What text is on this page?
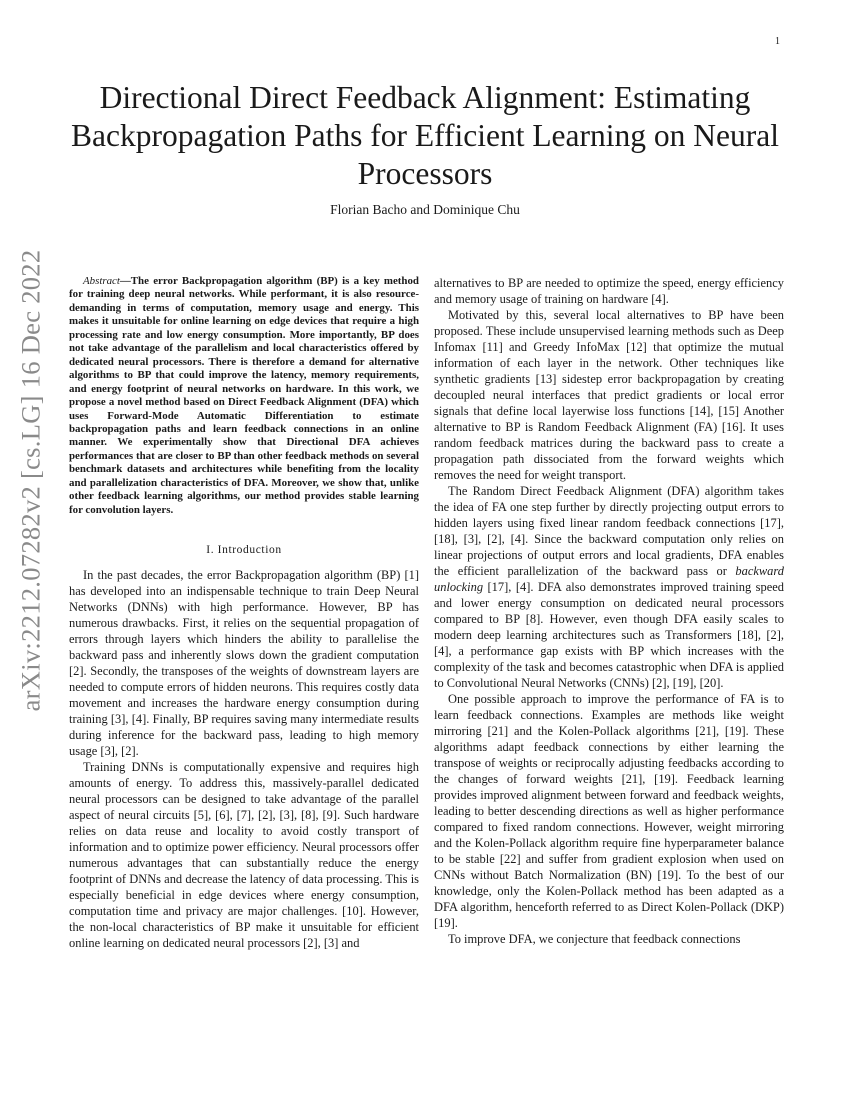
1
arXiv:2212.07282v2 [cs.LG] 16 Dec 2022
Directional Direct Feedback Alignment: Estimating Backpropagation Paths for Efficient Learning on Neural Processors
Florian Bacho and Dominique Chu

Abstract—The error Backpropagation algorithm (BP) is a key method for training deep neural networks. While performant, it is also resource-demanding in terms of computation, memory usage and energy. This makes it unsuitable for online learning on edge devices that require a high processing rate and low energy consumption. More importantly, BP does not take advantage of the parallelism and local characteristics offered by dedicated neural processors. There is therefore a demand for alternative algorithms to BP that could improve the latency, memory requirements, and energy footprint of neural networks on hardware. In this work, we propose a novel method based on Direct Feedback Alignment (DFA) which uses Forward-Mode Automatic Differentiation to estimate backpropagation paths and learn feedback connections in an online manner. We experimentally show that Directional DFA achieves performances that are closer to BP than other feedback methods on several benchmark datasets and architectures while benefiting from the locality and parallelization characteristics of DFA. Moreover, we show that, unlike other feedback learning algorithms, our method provides stable learning for convolution layers.

I. Introduction

In the past decades, the error Backpropagation algorithm (BP) [1] has developed into an indispensable technique to train Deep Neural Networks (DNNs) with high performance. However, BP has numerous drawbacks. First, it relies on the sequential propagation of errors through layers which hinders the ability to parallelise the backward pass and inherently slows down the gradient computation [2]. Secondly, the transposes of the weights of downstream layers are needed to compute errors of hidden neurons. This requires costly data movement and increases the hardware energy consumption during training [3], [4]. Finally, BP requires saving many intermediate results during inference for the backward pass, leading to high memory usage [3], [2].

Training DNNs is computationally expensive and requires high amounts of energy. To address this, massively-parallel dedicated neural processors can be designed to take advantage of the parallel aspect of neural circuits [5], [6], [7], [2], [3], [8], [9]. Such hardware relies on data reuse and locality to avoid costly transport of information and to optimize power efficiency. Neural processors offer numerous advantages that can substantially reduce the energy footprint of DNNs and decrease the latency of data processing. This is especially beneficial in edge devices where energy consumption, computation time and privacy are major challenges. [10]. However, the non-local characteristics of BP make it unsuitable for efficient online learning on dedicated neural processors [2], [3] and

alternatives to BP are needed to optimize the speed, energy efficiency and memory usage of training on hardware [4].

Motivated by this, several local alternatives to BP have been proposed. These include unsupervised learning methods such as Deep Infomax [11] and Greedy InfoMax [12] that optimize the mutual information of each layer in the network. Other techniques like synthetic gradients [13] sidestep error backpropagation by creating decoupled neural interfaces that predict gradients or local error signals that define local layerwise loss functions [14], [15] Another alternative to BP is Random Feedback Alignment (FA) [16]. It uses random feedback matrices during the backward pass to create a propagation path dissociated from the forward weights which removes the need for weight transport.

The Random Direct Feedback Alignment (DFA) algorithm takes the idea of FA one step further by directly projecting output errors to hidden layers using fixed linear random feedback connections [17], [18], [3], [2], [4]. Since the backward computation only relies on linear projections of output errors and local gradients, DFA enables the efficient parallelization of the backward pass or backward unlocking [17], [4]. DFA also demonstrates improved training speed and lower energy consumption on dedicated neural processors compared to BP [8]. However, even though DFA easily scales to modern deep learning architectures such as Transformers [18], [2], [4], a performance gap exists with BP which increases with the complexity of the task and becomes catastrophic when DFA is applied to Convolutional Neural Networks (CNNs) [2], [19], [20].

One possible approach to improve the performance of FA is to learn feedback connections. Examples are methods like weight mirroring [21] and the Kolen-Pollack algorithms [21], [19]. These algorithms adapt feedback connections by either learning the transpose of weights or reciprocally adjusting feedbacks according to the changes of forward weights [21], [19]. Feedback learning provides improved alignment between forward and feedback weights, leading to better descending directions as well as higher performance compared to fixed random connections. However, weight mirroring and the Kolen-Pollack algorithm require fine hyperparameter balance to be stable [22] and suffer from gradient explosion when used on CNNs without Batch Normalization (BN) [19]. To the best of our knowledge, only the Kolen-Pollack method has been adapted as a DFA algorithm, henceforth referred to as Direct Kolen-Pollack (DKP) [19].

To improve DFA, we conjecture that feedback connections
